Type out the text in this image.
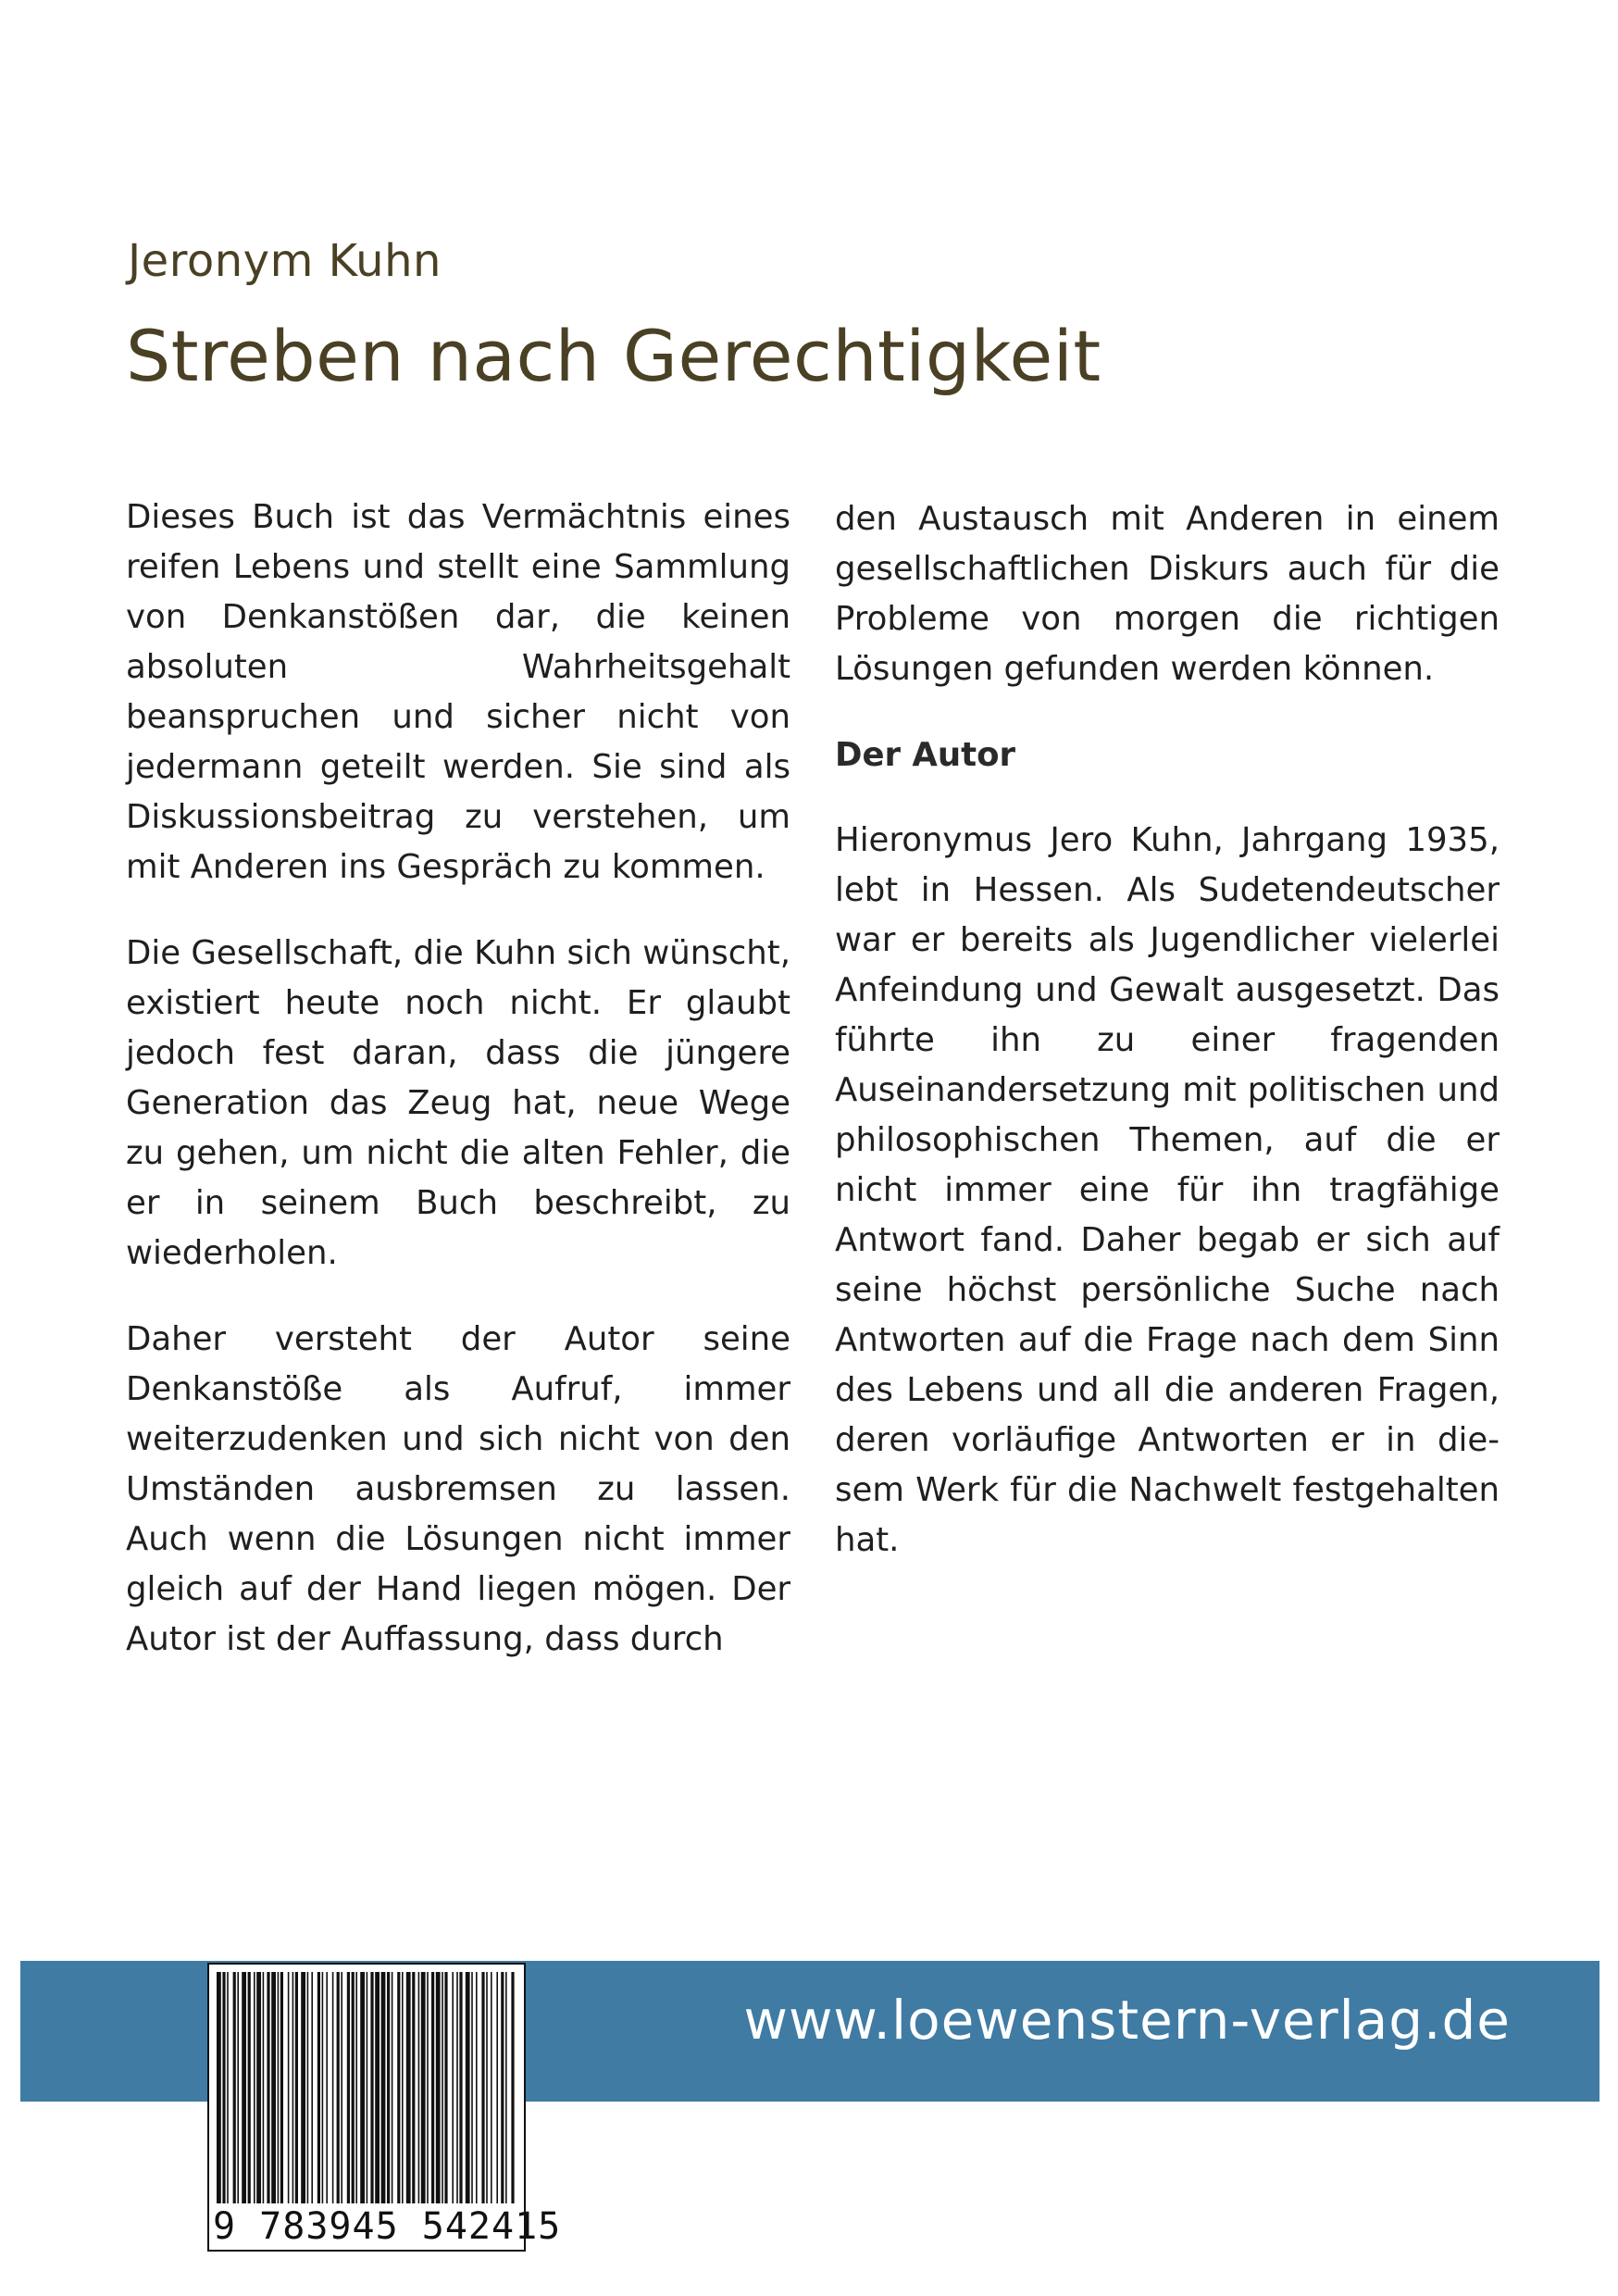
Jeronym Kuhn
Streben nach Gerechtigkeit

Dieses Buch ist das Vermächtnis eines reifen Lebens und stellt eine Sammlung von Denkanstößen dar, die keinen absoluten Wahrheitsgehalt beanspruchen und sicher nicht von jedermann geteilt werden. Sie sind als Diskussionsbeitrag zu verstehen, um mit Anderen ins Gespräch zu kommen.

Die Gesellschaft, die Kuhn sich wünscht, existiert heute noch nicht. Er glaubt jedoch fest daran, dass die jüngere Generation das Zeug hat, neue Wege zu gehen, um nicht die alten Fehler, die er in seinem Buch beschreibt, zu wiederholen.

Daher versteht der Autor seine Denkanstöße als Aufruf, immer weiterzudenken und sich nicht von den Umständen ausbremsen zu lassen. Auch wenn die Lösungen nicht immer gleich auf der Hand liegen mögen. Der Autor ist der Auffassung, dass durch

den Austausch mit Anderen in einem gesellschaftlichen Diskurs auch für die Probleme von morgen die richtigen Lösungen gefunden werden können.

Der Autor

Hieronymus Jero Kuhn, Jahrgang 1935, lebt in Hessen. Als Sudetendeutscher war er bereits als Jugendlicher vielerlei Anfeindung und Gewalt ausgesetzt. Das führte ihn zu einer fragenden Auseinandersetzung mit politischen und philosophischen Themen, auf die er nicht immer eine für ihn tragfähige Antwort fand. Daher begab er sich auf seine höchst persönliche Suche nach Antworten auf die Frage nach dem Sinn des Lebens und all die anderen Fragen, deren vorläufige Antworten er in diesem Werk für die Nachwelt festgehalten hat.

www.loewenstern-verlag.de
9 783945 542415
